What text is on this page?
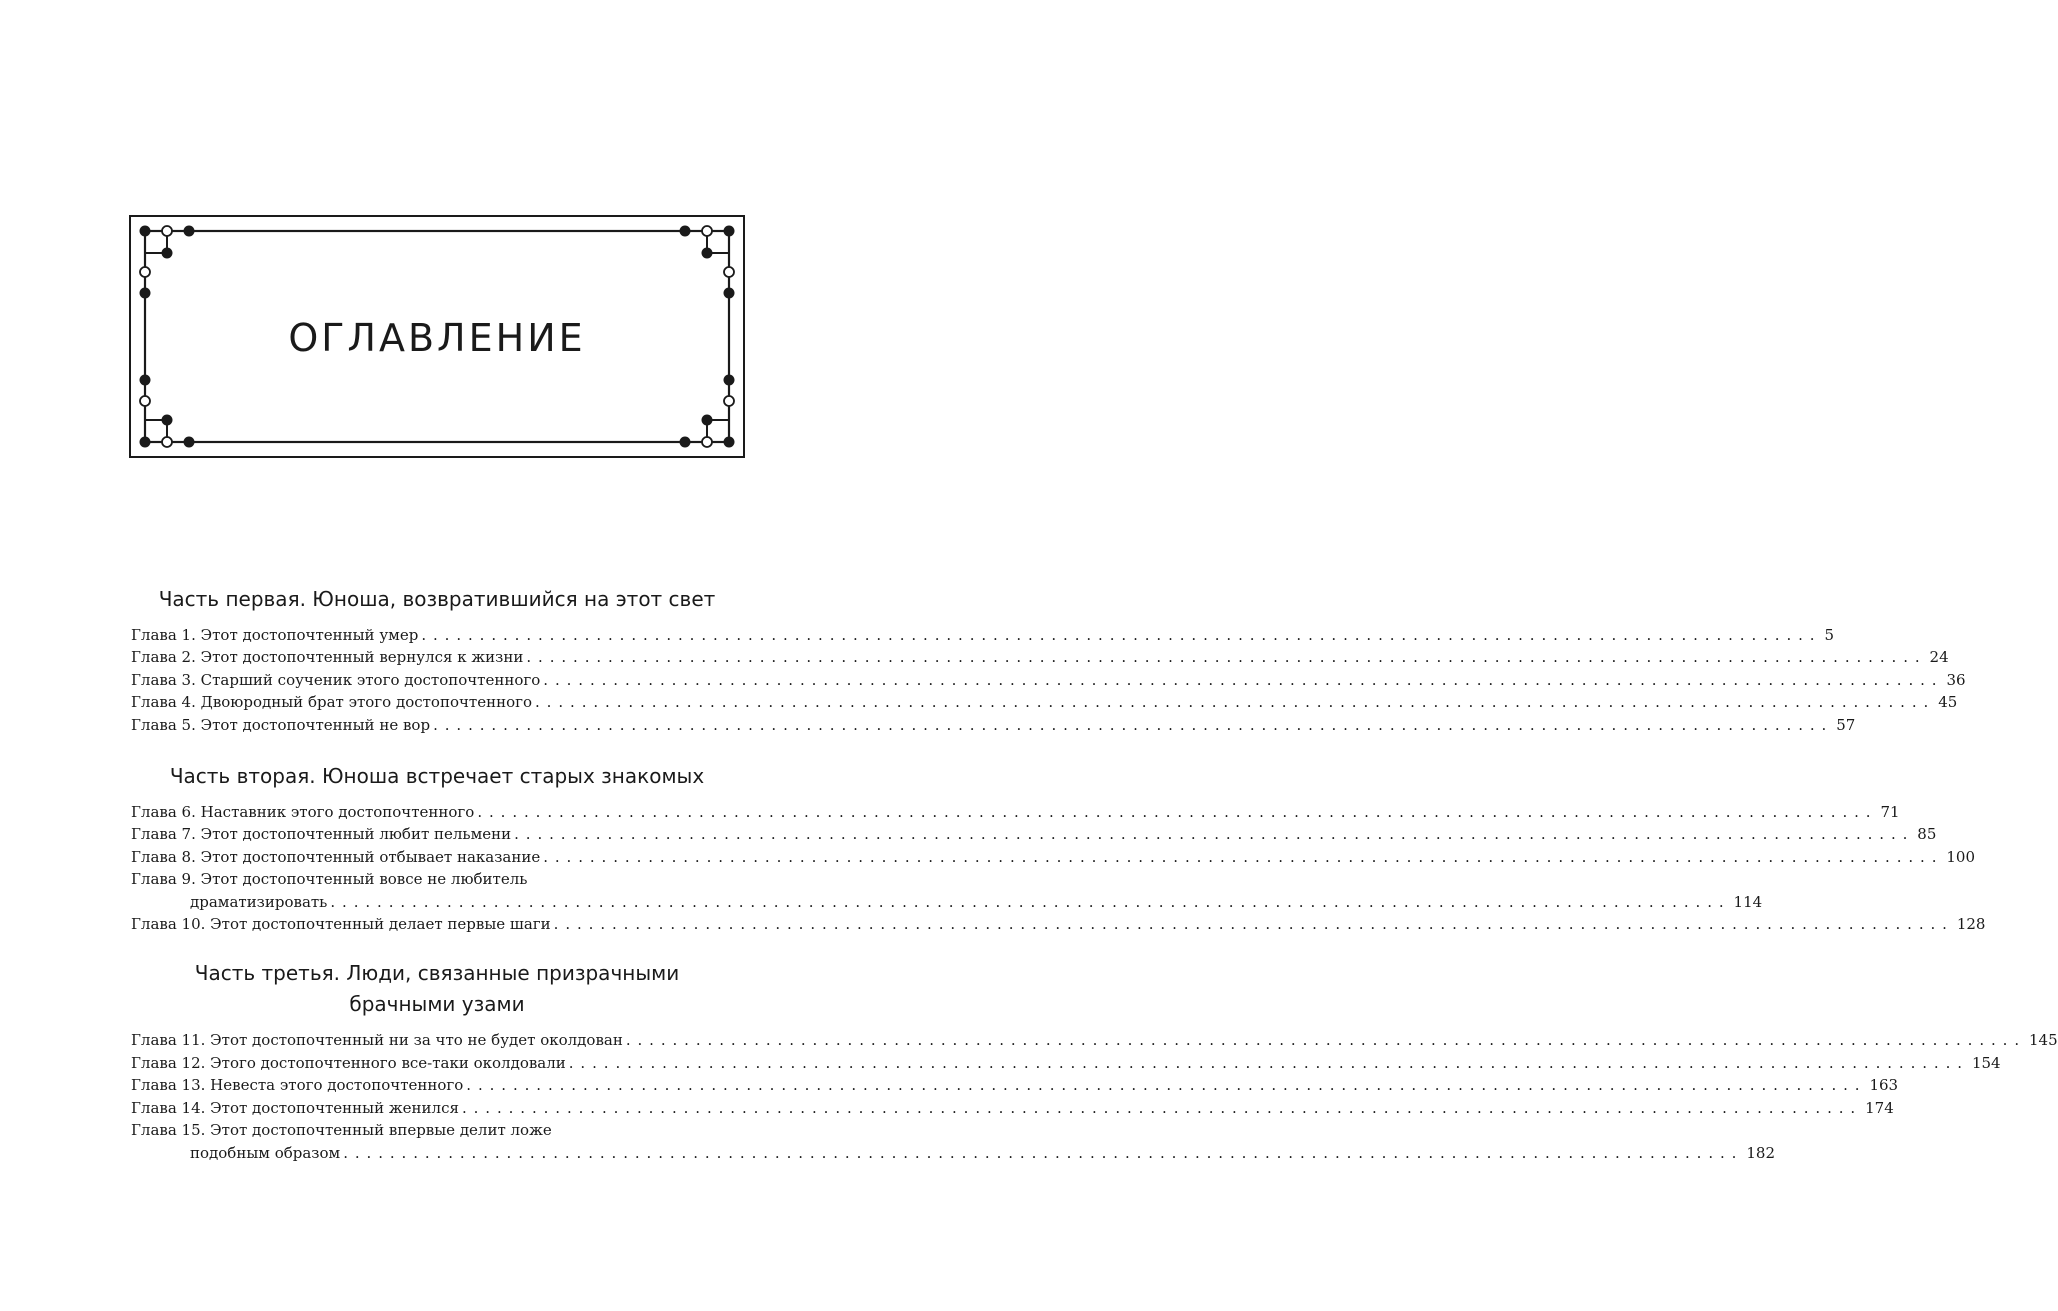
ОГЛАВЛЕНИЕ
Часть первая. Юноша, возвратившийся на этот свет
Глава 1. Этот достопочтенный умер ........................................................................................................................ 5
Глава 2. Этот достопочтенный вернулся к жизни ........................................................................................................................ 24
Глава 3. Старший соученик этого достопочтенного ........................................................................................................................ 36
Глава 4. Двоюродный брат этого достопочтенного ........................................................................................................................ 45
Глава 5. Этот достопочтенный не вор ........................................................................................................................ 57
Часть вторая. Юноша встречает старых знакомых
Глава 6. Наставник этого достопочтенного ........................................................................................................................ 71
Глава 7. Этот достопочтенный любит пельмени ........................................................................................................................ 85
Глава 8. Этот достопочтенный отбывает наказание ........................................................................................................................ 100
Глава 9. Этот достопочтенный вовсе не любитель
драматизировать ........................................................................................................................ 114
Глава 10. Этот достопочтенный делает первые шаги ........................................................................................................................ 128
Часть третья. Люди, связанные призрачными
брачными узами
Глава 11. Этот достопочтенный ни за что не будет околдован ........................................................................................................................ 145
Глава 12. Этого достопочтенного все-таки околдовали ........................................................................................................................ 154
Глава 13. Невеста этого достопочтенного ........................................................................................................................ 163
Глава 14. Этот достопочтенный женился ........................................................................................................................ 174
Глава 15. Этот достопочтенный впервые делит ложе
подобным образом ........................................................................................................................ 182
